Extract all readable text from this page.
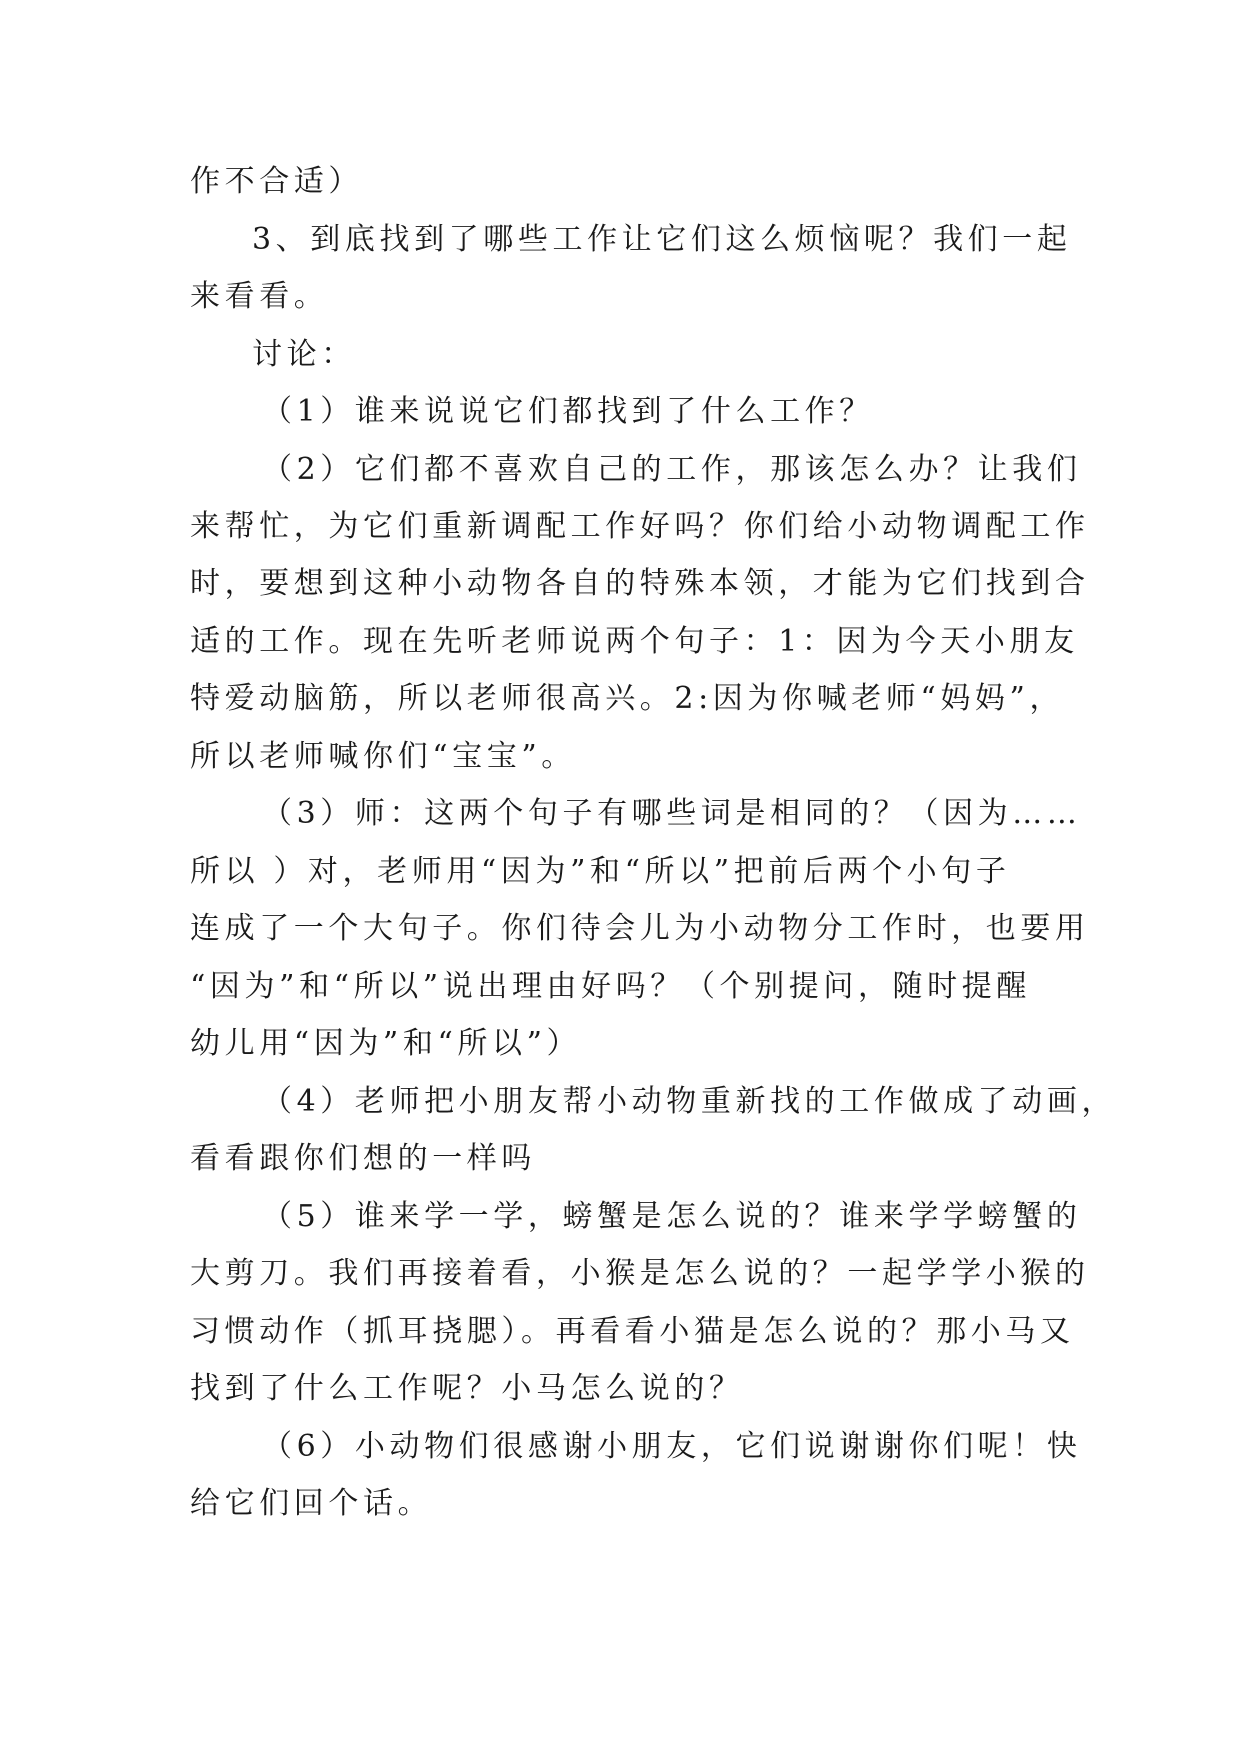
作不合适）
3、到底找到了哪些工作让它们这么烦恼呢？我们一起
来看看。
讨论：
（1）谁来说说它们都找到了什么工作？
（2）它们都不喜欢自己的工作，那该怎么办？让我们
来帮忙，为它们重新调配工作好吗？你们给小动物调配工作
时，要想到这种小动物各自的特殊本领，才能为它们找到合
适的工作。现在先听老师说两个句子：1：因为今天小朋友
特爱动脑筋，所以老师很高兴。2:因为你喊老师“妈妈”，
所以老师喊你们“宝宝”。
（3）师：这两个句子有哪些词是相同的？（因为……
所以 ）对，老师用“因为”和“所以”把前后两个小句子
连成了一个大句子。你们待会儿为小动物分工作时，也要用
“因为”和“所以”说出理由好吗？（个别提问，随时提醒
幼儿用“因为”和“所以”）
（4）老师把小朋友帮小动物重新找的工作做成了动画，
看看跟你们想的一样吗
（5）谁来学一学，螃蟹是怎么说的？谁来学学螃蟹的
大剪刀。我们再接着看，小猴是怎么说的？一起学学小猴的
习惯动作（抓耳挠腮）。再看看小猫是怎么说的？那小马又
找到了什么工作呢？小马怎么说的？
（6）小动物们很感谢小朋友，它们说谢谢你们呢！快
给它们回个话。
